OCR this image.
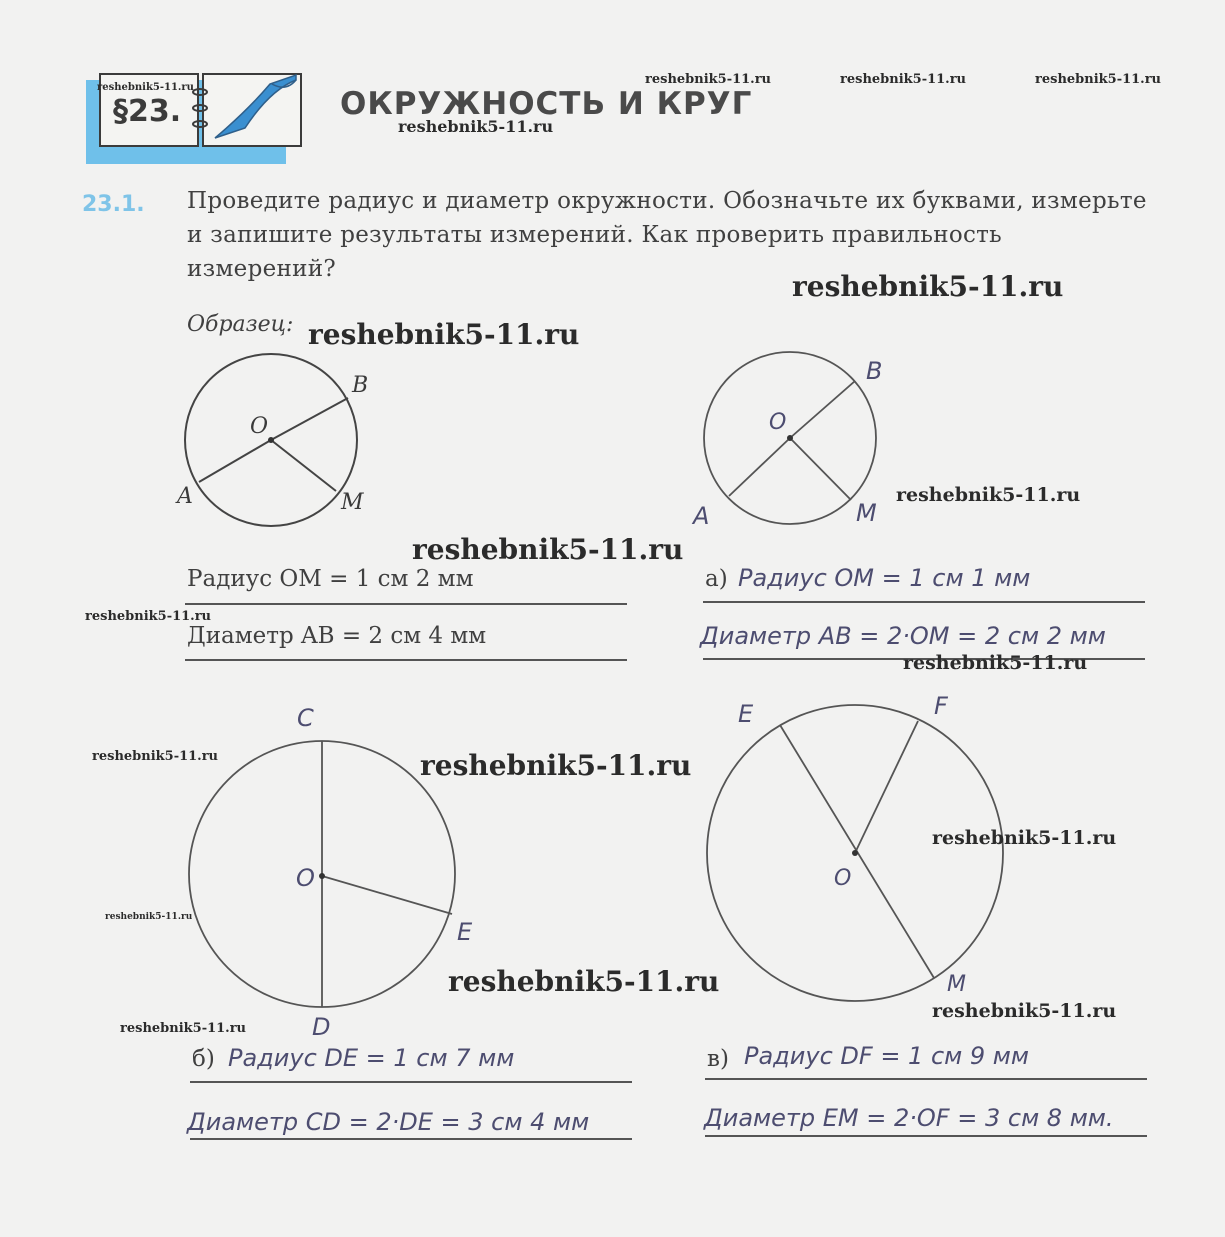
§23.	ОКРУЖНОСТЬ И КРУГ
23.1. Проведите радиус и диаметр окружности. Обозначьте их буквами, измерьте и запишите результаты измерений. Как проверить правильность измерений?
Образец:
O
B
A	M
O
B
A	M
C
O
E
D
E	F
O
M
Радиус OM = 1 см 2 мм
Диаметр AB = 2 см 4 мм
а) Радиус OM = 1 см 1 мм
Диаметр AB = 2·OM = 2 см 2 мм
б) Радиус DE = 1 см 7 мм
Диаметр CD = 2·DE = 3 см 4 мм
в) Радиус DF = 1 см 9 мм
Диаметр EM = 2·OF = 3 см 8 мм.
reshebnik5-11.ru
reshebnik5-11.ru	reshebnik5-11.ru	reshebnik5-11.ru
reshebnik5-11.ru
reshebnik5-11.ru
reshebnik5-11.ru
reshebnik5-11.ru
reshebnik5-11.ru
reshebnik5-11.ru
reshebnik5-11.ru
reshebnik5-11.ru	reshebnik5-11.ru
reshebnik5-11.ru
reshebnik5-11.ru
reshebnik5-11.ru
reshebnik5-11.ru
reshebnik5-11.ru
